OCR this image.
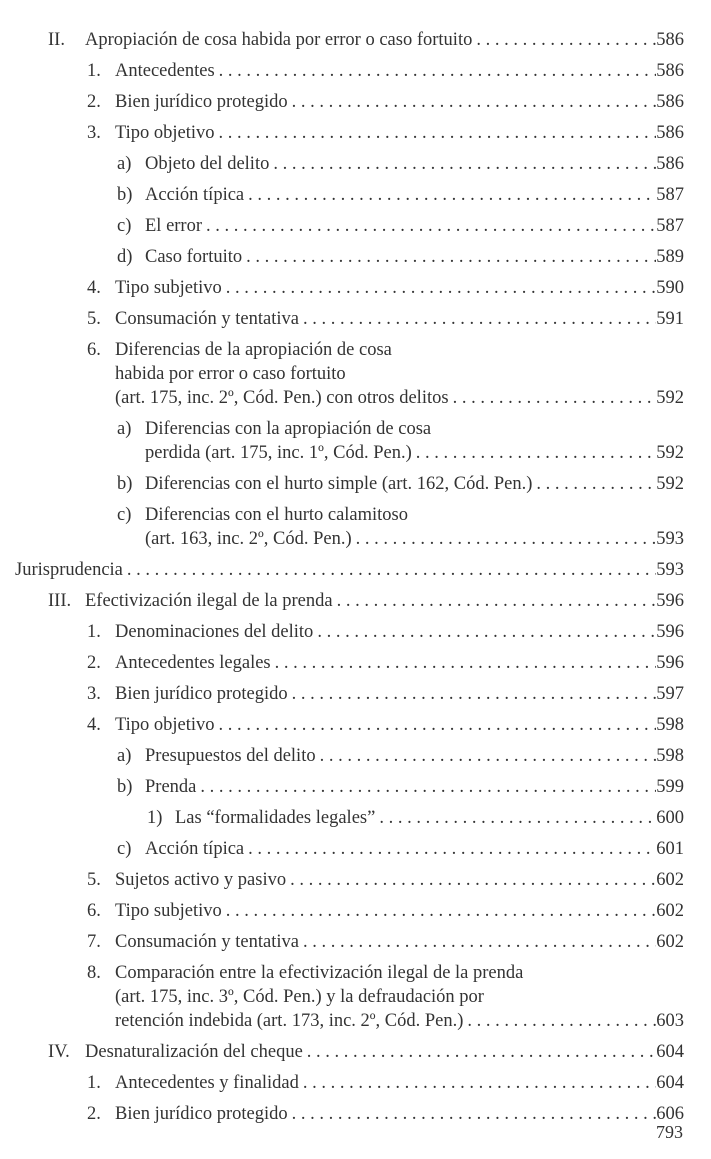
II. Apropiación de cosa habida por error o caso fortuito . . .	586
1. Antecedentes . . .	586
2. Bien jurídico protegido . . .	586
3. Tipo objetivo . . .	586
a) Objeto del delito . . .	586
b) Acción típica . . .	587
c) El error . . .	587
d) Caso fortuito . . .	589
4. Tipo subjetivo . . .	590
5. Consumación y tentativa . . .	591
6. Diferencias de la apropiación de cosa
habida por error o caso fortuito
(art. 175, inc. 2º, Cód. Pen.) con otros delitos . . .	592
a) Diferencias con la apropiación de cosa
perdida (art. 175, inc. 1º, Cód. Pen.) . . .	592
b) Diferencias con el hurto simple (art. 162, Cód. Pen.) . . .	592
c) Diferencias con el hurto calamitoso
(art. 163, inc. 2º, Cód. Pen.) . . .	593
Jurisprudencia . . .	593
III. Efectivización ilegal de la prenda . . .	596
1. Denominaciones del delito . . .	596
2. Antecedentes legales . . .	596
3. Bien jurídico protegido . . .	597
4. Tipo objetivo . . .	598
a) Presupuestos del delito . . .	598
b) Prenda . . .	599
1) Las “formalidades legales” . . .	600
c) Acción típica . . .	601
5. Sujetos activo y pasivo . . .	602
6. Tipo subjetivo . . .	602
7. Consumación y tentativa . . .	602
8. Comparación entre la efectivización ilegal de la prenda
(art. 175, inc. 3º, Cód. Pen.) y la defraudación por
retención indebida (art. 173, inc. 2º, Cód. Pen.) . . .	603
IV. Desnaturalización del cheque . . .	604
1. Antecedentes y finalidad . . .	604
2. Bien jurídico protegido . . .	606
793
